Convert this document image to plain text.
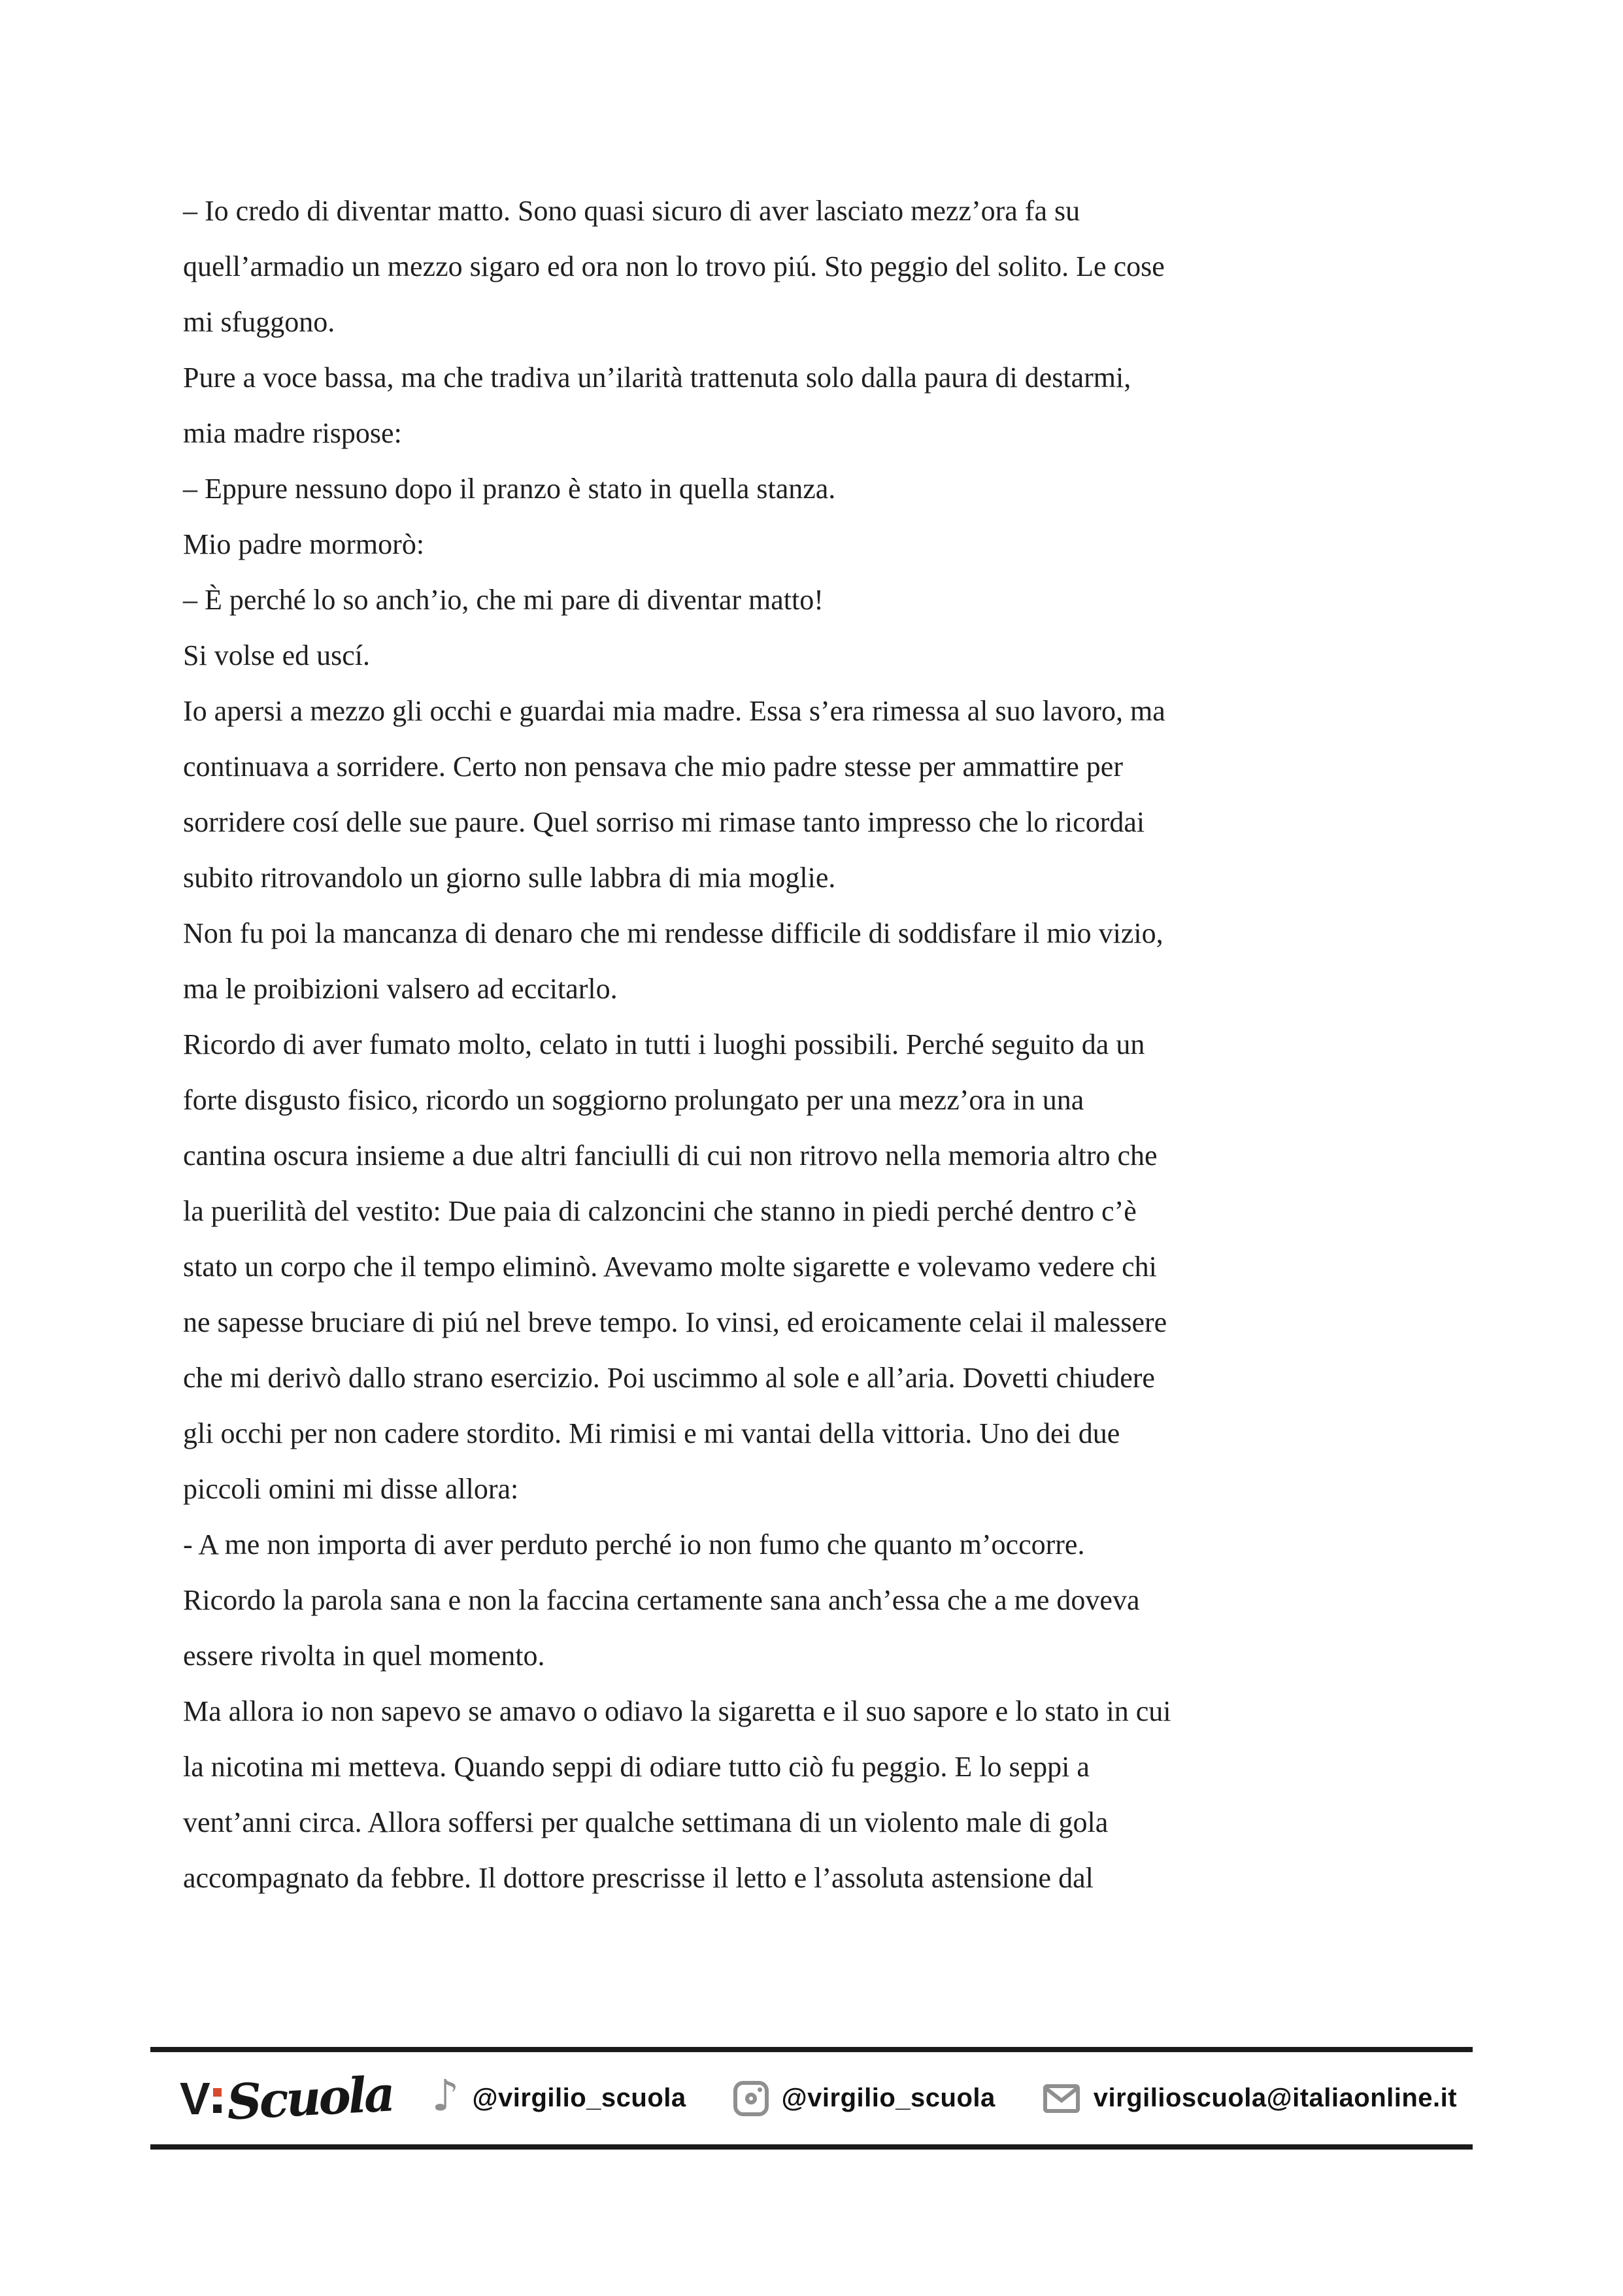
– Io credo di diventar matto. Sono quasi sicuro di aver lasciato mezz’ora fa su
quell’armadio un mezzo sigaro ed ora non lo trovo piú. Sto peggio del solito. Le cose
mi sfuggono.
Pure a voce bassa, ma che tradiva un’ilarità trattenuta solo dalla paura di destarmi,
mia madre rispose:
– Eppure nessuno dopo il pranzo è stato in quella stanza.
Mio padre mormorò:
– È perché lo so anch’io, che mi pare di diventar matto!
Si volse ed uscí.
Io apersi a mezzo gli occhi e guardai mia madre. Essa s’era rimessa al suo lavoro, ma
continuava a sorridere. Certo non pensava che mio padre stesse per ammattire per
sorridere cosí delle sue paure. Quel sorriso mi rimase tanto impresso che lo ricordai
subito ritrovandolo un giorno sulle labbra di mia moglie.
Non fu poi la mancanza di denaro che mi rendesse difficile di soddisfare il mio vizio,
ma le proibizioni valsero ad eccitarlo.
Ricordo di aver fumato molto, celato in tutti i luoghi possibili. Perché seguito da un
forte disgusto fisico, ricordo un soggiorno prolungato per una mezz’ora in una
cantina oscura insieme a due altri fanciulli di cui non ritrovo nella memoria altro che
la puerilità del vestito: Due paia di calzoncini che stanno in piedi perché dentro c’è
stato un corpo che il tempo eliminò. Avevamo molte sigarette e volevamo vedere chi
ne sapesse bruciare di piú nel breve tempo. Io vinsi, ed eroicamente celai il malessere
che mi derivò dallo strano esercizio. Poi uscimmo al sole e all’aria. Dovetti chiudere
gli occhi per non cadere stordito. Mi rimisi e mi vantai della vittoria. Uno dei due
piccoli omini mi disse allora:
- A me non importa di aver perduto perché io non fumo che quanto m’occorre.
Ricordo la parola sana e non la faccina certamente sana anch’essa che a me doveva
essere rivolta in quel momento.
Ma allora io non sapevo se amavo o odiavo la sigaretta e il suo sapore e lo stato in cui
la nicotina mi metteva. Quando seppi di odiare tutto ciò fu peggio. E lo seppi a
vent’anni circa. Allora soffersi per qualche settimana di un violento male di gola
accompagnato da febbre. Il dottore prescrisse il letto e l’assoluta astensione dal
V Scuola ♪ @virgilio_scuola	@virgilio_scuola	virgilioscuola@italiaonline.it
